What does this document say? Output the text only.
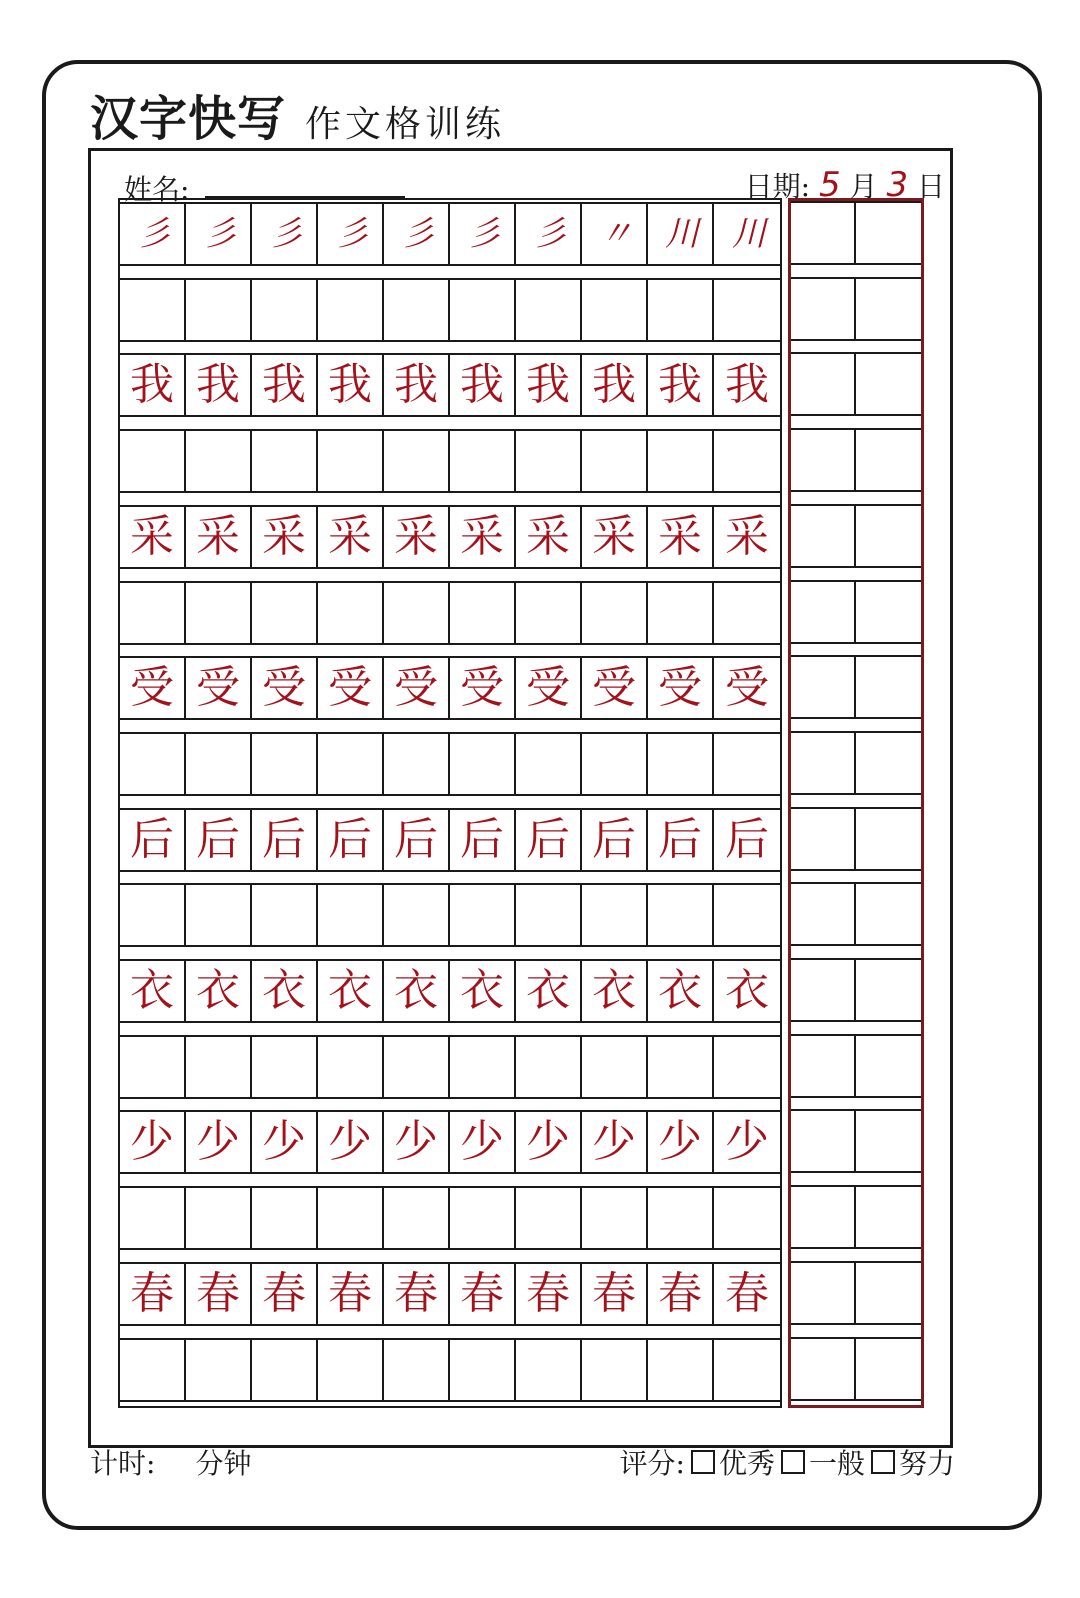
汉字快写 作文格训练
姓名:	日期: 5 月 3 日
彡	彡	彡	彡	彡	彡	彡	〃	川	川
我 我 我 我 我 我 我 我 我 我
采 采 采 采 采 采 采 采 采 采
受 受 受 受 受 受 受 受 受 受
后 后 后 后 后 后 后 后 后 后
衣 衣 衣 衣 衣 衣 衣 衣 衣 衣
少 少 少 少 少 少 少 少 少 少
春 春 春 春 春 春 春 春 春 春
计时: 分钟	评分: 优秀 一般 努力
